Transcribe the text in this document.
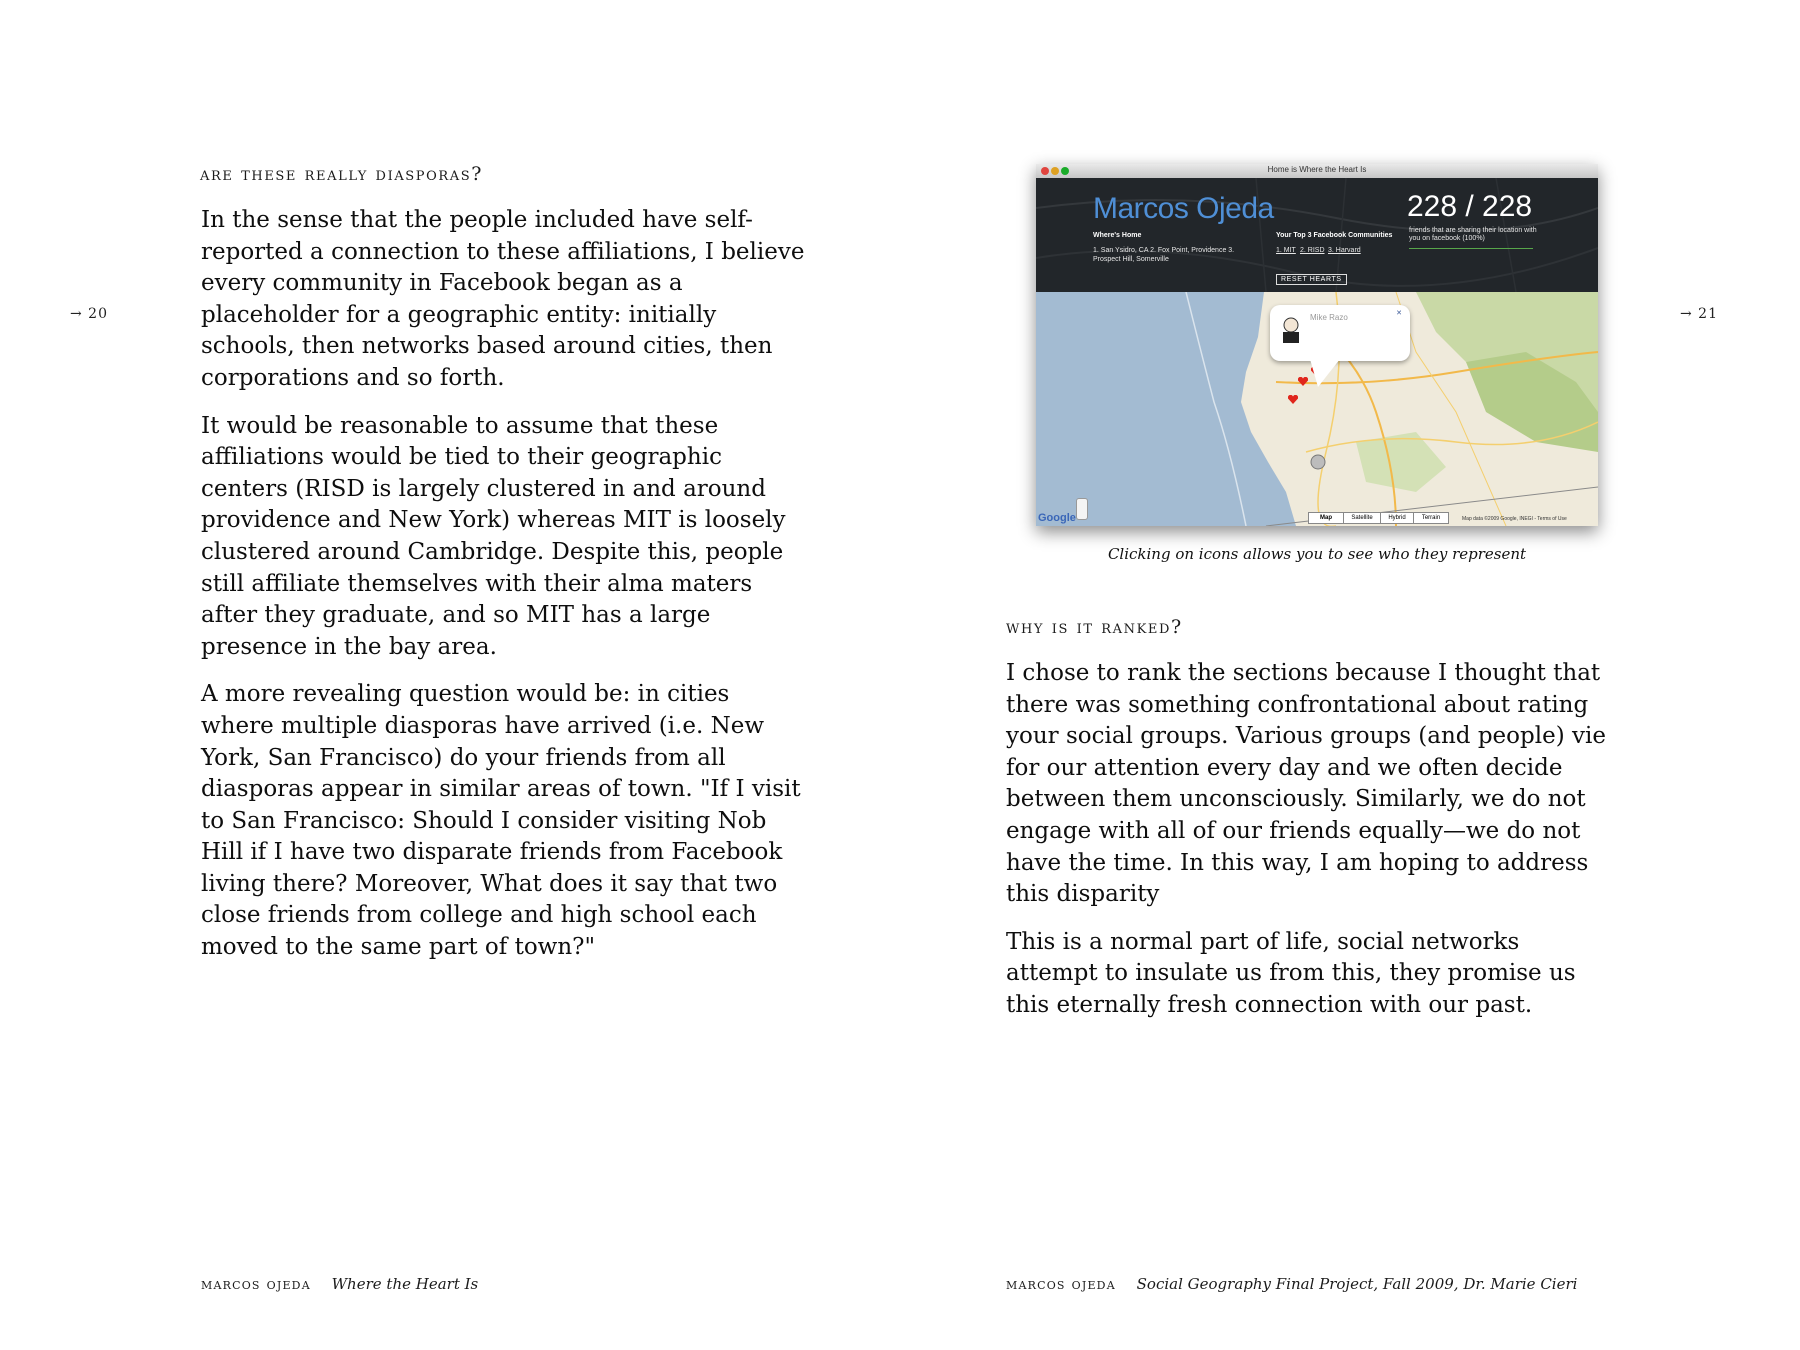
→ 20
are these really diasporas?

In the sense that the people included have self-reported a connection to these affiliations, I believe every community in Facebook began as a placeholder for a geographic entity: initially schools, then networks based around cities, then corporations and so forth.

It would be reasonable to assume that these affiliations would be tied to their geographic centers (RISD is largely clustered in and around providence and New York) whereas MIT is loosely clustered around Cambridge. Despite this, people still affiliate themselves with their alma maters after they graduate, and so MIT has a large presence in the bay area.

A more revealing question would be: in cities where multiple diasporas have arrived (i.e. New York, San Francisco) do your friends from all diasporas appear in similar areas of town. "If I visit to San Francisco: Should I consider visiting Nob Hill if I have two disparate friends from Facebook living there? Moreover, What does it say that two close friends from college and high school each moved to the same part of town?"

marcos ojeda Where the Heart Is
→ 21
Home is Where the Heart Is
Marcos Ojeda
Where's Home
1. San Ysidro, CA 2. Fox Point, Providence 3. Prospect Hill, Somerville
Your Top 3 Facebook Communities
1. MIT 2. RISD 3. Harvard
228 / 228
friends that are sharing their location with you on facebook (100%)
RESET HEARTS
Mike Razo	✕
Google	Map	Satellite	Hybrid	Terrain	Map data ©2009 Google, INEGI - Terms of Use
Clicking on icons allows you to see who they represent
why is it ranked?

I chose to rank the sections because I thought that there was something confrontational about rating your social groups. Various groups (and people) vie for our attention every day and we often decide between them unconsciously. Similarly, we do not engage with all of our friends equally—we do not have the time. In this way, I am hoping to address this disparity

This is a normal part of life, social networks attempt to insulate us from this, they promise us this eternally fresh connection with our past.

marcos ojeda Social Geography Final Project, Fall 2009, Dr. Marie Cieri
